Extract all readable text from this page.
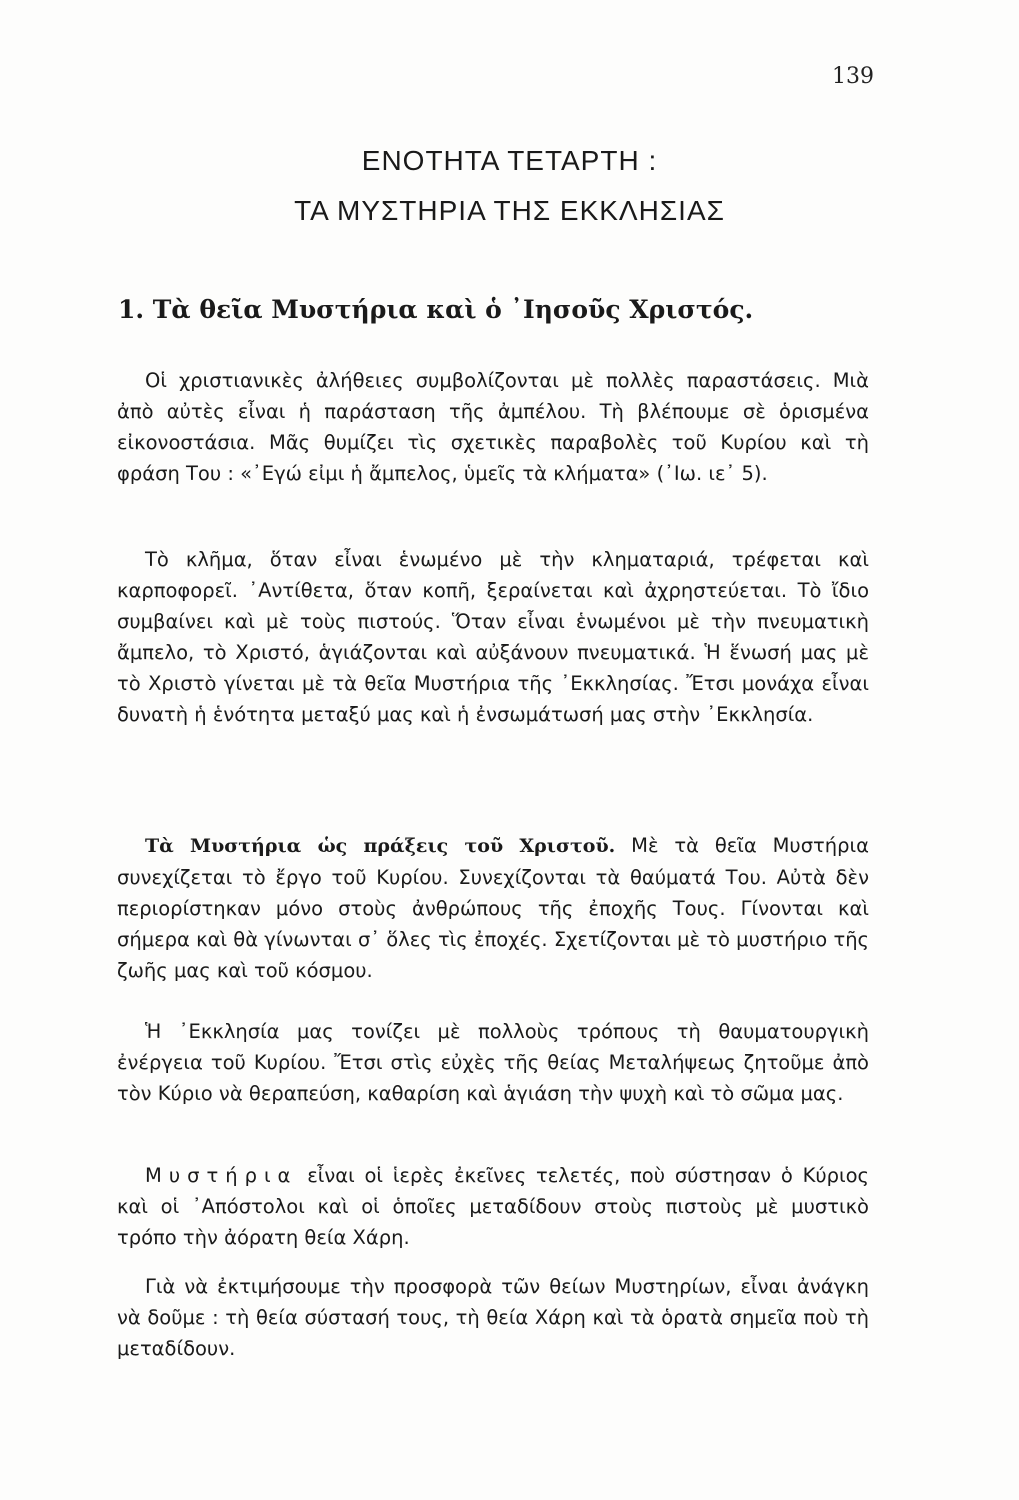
139
ΕΝΟΤΗΤΑ ΤΕΤΑΡΤΗ :
ΤΑ ΜΥΣΤΗΡΙΑ ΤΗΣ ΕΚΚΛΗΣΙΑΣ
1. Τὰ θεῖα Μυστήρια καὶ ὁ ᾿Ιησοῦς Χριστός.

Οἱ χριστιανικὲς ἀλήθειες συμβολίζονται μὲ πολλὲς παραστάσεις. Μιὰ ἀπὸ αὐτὲς εἶναι ἡ παράσταση τῆς ἀμπέλου. Τὴ βλέπουμε σὲ ὁρισμένα εἰκονοστάσια. Μᾶς θυμίζει τὶς σχετικὲς παραβολὲς τοῦ Κυρίου καὶ τὴ φράση Του : «᾿Εγώ εἰμι ἡ ἄμπελος, ὑμεῖς τὰ κλήματα» (᾿Ιω. ιε᾿ 5).

Τὸ κλῆμα, ὅταν εἶναι ἑνωμένο μὲ τὴν κληματαριά, τρέφεται καὶ καρποφορεῖ. ᾿Αντίθετα, ὅταν κοπῆ, ξεραίνεται καὶ ἀχρηστεύεται. Τὸ ἴδιο συμβαίνει καὶ μὲ τοὺς πιστούς. Ὅταν εἶναι ἑνωμένοι μὲ τὴν πνευματικὴ ἄμπελο, τὸ Χριστό, ἁγιάζονται καὶ αὐξάνουν πνευματικά. Ἡ ἕνωσή μας μὲ τὸ Χριστὸ γίνεται μὲ τὰ θεῖα Μυστήρια τῆς ᾿Εκκλησίας. Ἔτσι μονάχα εἶναι δυνατὴ ἡ ἑνότητα μεταξύ μας καὶ ἡ ἐνσωμάτωσή μας στὴν ᾿Εκκλησία.

Τὰ Μυστήρια ὡς πράξεις τοῦ Χριστοῦ. Μὲ τὰ θεῖα Μυστήρια συνεχίζεται τὸ ἔργο τοῦ Κυρίου. Συνεχίζονται τὰ θαύματά Του. Αὐτὰ δὲν περιορίστηκαν μόνο στοὺς ἀνθρώπους τῆς ἐποχῆς Τους. Γίνονται καὶ σήμερα καὶ θὰ γίνωνται σ᾿ ὅλες τὶς ἐποχές. Σχετίζονται μὲ τὸ μυστήριο τῆς ζωῆς μας καὶ τοῦ κόσμου.

Ἡ ᾿Εκκλησία μας τονίζει μὲ πολλοὺς τρόπους τὴ θαυματουργικὴ ἐνέργεια τοῦ Κυρίου. Ἔτσι στὶς εὐχὲς τῆς θείας Μεταλήψεως ζητοῦμε ἀπὸ τὸν Κύριο νὰ θεραπεύση, καθαρίση καὶ ἁγιάση τὴν ψυχὴ καὶ τὸ σῶμα μας.

Μυστήρια εἶναι οἱ ἱερὲς ἐκεῖνες τελετές, ποὺ σύστησαν ὁ Κύριος καὶ οἱ ᾿Απόστολοι καὶ οἱ ὁποῖες μεταδίδουν στοὺς πιστοὺς μὲ μυστικὸ τρόπο τὴν ἀόρατη θεία Χάρη.

Γιὰ νὰ ἐκτιμήσουμε τὴν προσφορὰ τῶν θείων Μυστηρίων, εἶναι ἀνάγκη νὰ δοῦμε : τὴ θεία σύστασή τους, τὴ θεία Χάρη καὶ τὰ ὁρατὰ σημεῖα ποὺ τὴ μεταδίδουν.
